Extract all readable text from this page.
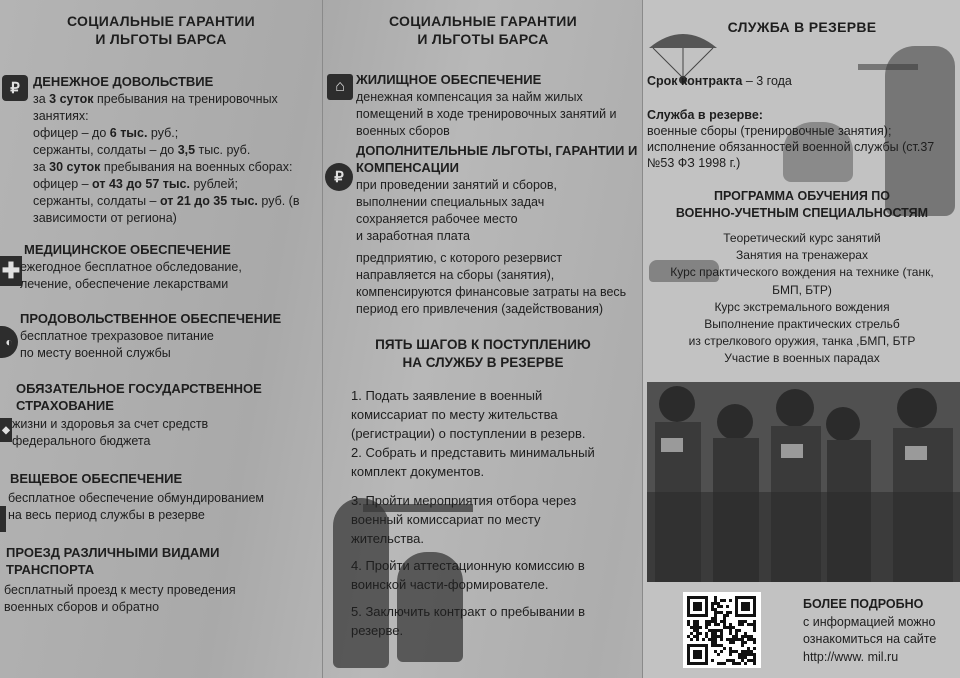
СОЦИАЛЬНЫЕ ГАРАНТИИ
И ЛЬГОТЫ БАРСА
₽	ДЕНЕЖНОЕ ДОВОЛЬСТВИЕ
за 3 суток пребывания на тренировочных
занятиях:
офицер – до 6 тыс. руб.;
сержанты, солдаты – до 3,5 тыс. руб.
за 30 суток пребывания на военных сборах:
офицер – от 43 до 57 тыс. рублей;
сержанты, солдаты – от 21 до 35 тыс. руб. (в
зависимости от региона)
✚
МЕДИЦИНСКОЕ ОБЕСПЕЧЕНИЕ
ежегодное бесплатное обследование,
лечение, обеспечение лекарствами
◐
ПРОДОВОЛЬСТВЕННОЕ ОБЕСПЕЧЕНИЕ
бесплатное трехразовое питание
по месту военной службы
◆
ОБЯЗАТЕЛЬНОЕ ГОСУДАРСТВЕННОЕ
СТРАХОВАНИЕ
жизни и здоровья за счет средств
федерального бюджета
ВЕЩЕВОЕ ОБЕСПЕЧЕНИЕ
бесплатное обеспечение обмундированием
на весь период службы в резерве
ПРОЕЗД РАЗЛИЧНЫМИ ВИДАМИ
ТРАНСПОРТА
бесплатный проезд к месту проведения
военных сборов и обратно
СОЦИАЛЬНЫЕ ГАРАНТИИ
И ЛЬГОТЫ БАРСА
⌂ ЖИЛИЩНОЕ ОБЕСПЕЧЕНИЕ
денежная компенсация за найм жилых
помещений в ходе тренировочных занятий и
военных сборов
₽
ДОПОЛНИТЕЛЬНЫЕ ЛЬГОТЫ, ГАРАНТИИ И
КОМПЕНСАЦИИ
при проведении занятий и сборов,
выполнении специальных задач
сохраняется рабочее место
и заработная плата
предприятию, с которого резервист
направляется на сборы (занятия),
компенсируются финансовые затраты на весь
период его привлечения (задействования)
ПЯТЬ ШАГОВ К ПОСТУПЛЕНИЮ
НА СЛУЖБУ В РЕЗЕРВЕ
1. Подать заявление в военный
комиссариат по месту жительства
(регистрации) о поступлении в резерв.
2. Собрать и представить минимальный
комплект документов.
3. Пройти мероприятия отбора через
военный комиссариат по месту
жительства.
4. Пройти аттестационную комиссию в
воинской части-формирователе.
5. Заключить контракт о пребывании в
резерве.
СЛУЖБА В РЕЗЕРВЕ
Срок контракта – 3 года
Служба в резерве:
военные сборы (тренировочные занятия);
исполнение обязанностей военной службы (ст.37
№53 ФЗ 1998 г.)
ПРОГРАММА ОБУЧЕНИЯ ПО
ВОЕННО-УЧЕТНЫМ СПЕЦИАЛЬНОСТЯМ
Теоретический курс занятий
Занятия на тренажерах
Курс практического вождения на технике (танк,
БМП, БТР)
Курс экстремального вождения
Выполнение практических стрельб
из стрелкового оружия, танка ,БМП, БТР
Участие в военных парадах
БОЛЕЕ ПОДРОБНО
с информацией можно
ознакомиться на сайте
http://www. mil.ru
